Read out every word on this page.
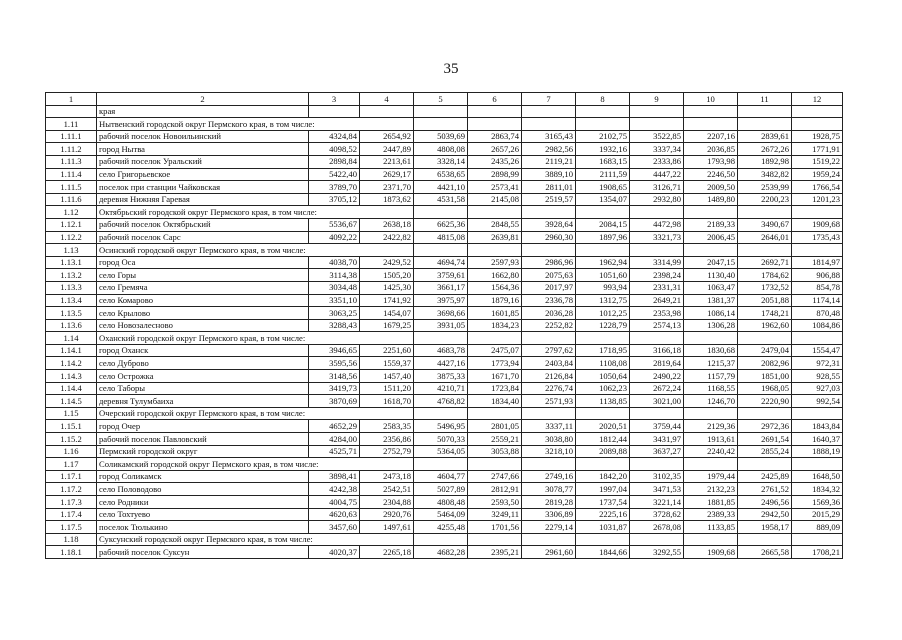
35
1	2	3	4	5	6	7	8	9	10	11	12
	края										
1.11	Нытвенский городской округ Пермского края, в том числе:										
1.11.1	рабочий поселок Новоильинский	4324,84	2654,92	5039,69	2863,74	3165,43	2102,75	3522,85	2207,16	2839,61	1928,75
1.11.2	город Нытва	4098,52	2447,89	4808,08	2657,26	2982,56	1932,16	3337,34	2036,85	2672,26	1771,91
1.11.3	рабочий поселок Уральский	2898,84	2213,61	3328,14	2435,26	2119,21	1683,15	2333,86	1793,98	1892,98	1519,22
1.11.4	село Григорьевское	5422,40	2629,17	6538,65	2898,99	3889,10	2111,59	4447,22	2246,50	3482,82	1959,24
1.11.5	поселок при станции Чайковская	3789,70	2371,70	4421,10	2573,41	2811,01	1908,65	3126,71	2009,50	2539,99	1766,54
1.11.6	деревня Нижняя Гаревая	3705,12	1873,62	4531,58	2145,08	2519,57	1354,07	2932,80	1489,80	2200,23	1201,23
1.12	Октябрьский городской округ Пермского края, в том числе:										
1.12.1	рабочий поселок Октябрьский	5536,67	2638,18	6625,36	2848,55	3928,64	2084,15	4472,98	2189,33	3490,67	1909,68
1.12.2	рабочий поселок Сарс	4092,22	2422,82	4815,08	2639,81	2960,30	1897,96	3321,73	2006,45	2646,01	1735,43
1.13	Осинский городской округ Пермского края, в том числе:										
1.13.1	город Оса	4038,70	2429,52	4694,74	2597,93	2986,96	1962,94	3314,99	2047,15	2692,71	1814,97
1.13.2	село Горы	3114,38	1505,20	3759,61	1662,80	2075,63	1051,60	2398,24	1130,40	1784,62	906,88
1.13.3	село Гремяча	3034,48	1425,30	3661,17	1564,36	2017,97	993,94	2331,31	1063,47	1732,52	854,78
1.13.4	село Комарово	3351,10	1741,92	3975,97	1879,16	2336,78	1312,75	2649,21	1381,37	2051,88	1174,14
1.13.5	село Крылово	3063,25	1454,07	3698,66	1601,85	2036,28	1012,25	2353,98	1086,14	1748,21	870,48
1.13.6	село Новозалесново	3288,43	1679,25	3931,05	1834,23	2252,82	1228,79	2574,13	1306,28	1962,60	1084,86
1.14	Оханский городской округ Пермского края, в том числе:										
1.14.1	город Оханск	3946,65	2251,60	4683,78	2475,07	2797,62	1718,95	3166,18	1830,68	2479,04	1554,47
1.14.2	село Дуброво	3595,56	1559,37	4427,16	1773,94	2403,84	1108,08	2819,64	1215,37	2082,96	972,31
1.14.3	село Острожка	3148,56	1457,40	3875,33	1671,70	2126,84	1050,64	2490,22	1157,79	1851,00	928,55
1.14.4	село Таборы	3419,73	1511,20	4210,71	1723,84	2276,74	1062,23	2672,24	1168,55	1968,05	927,03
1.14.5	деревня Тулумбаиха	3870,69	1618,70	4768,82	1834,40	2571,93	1138,85	3021,00	1246,70	2220,90	992,54
1.15	Очерский городской округ Пермского края, в том числе:										
1.15.1	город Очер	4652,29	2583,35	5496,95	2801,05	3337,11	2020,51	3759,44	2129,36	2972,36	1843,84
1.15.2	рабочий поселок Павловский	4284,00	2356,86	5070,33	2559,21	3038,80	1812,44	3431,97	1913,61	2691,54	1640,37
1.16	Пермский городской округ	4525,71	2752,79	5364,05	3053,88	3218,10	2089,88	3637,27	2240,42	2855,24	1888,19
1.17	Соликамский городской округ Пермского края, в том числе:										
1.17.1	город Соликамск	3898,41	2473,18	4604,77	2747,66	2749,16	1842,20	3102,35	1979,44	2425,89	1648,50
1.17.2	село Половодово	4242,38	2542,51	5027,89	2812,91	3078,77	1997,04	3471,53	2132,23	2761,52	1834,32
1.17.3	село Родники	4004,75	2304,88	4808,48	2593,50	2819,28	1737,54	3221,14	1881,85	2496,56	1569,36
1.17.4	село Тохтуево	4620,63	2920,76	5464,09	3249,11	3306,89	2225,16	3728,62	2389,33	2942,50	2015,29
1.17.5	поселок Тюлькино	3457,60	1497,61	4255,48	1701,56	2279,14	1031,87	2678,08	1133,85	1958,17	889,09
1.18	Суксунский городской округ Пермского края, в том числе:										
1.18.1	рабочий поселок Суксун	4020,37	2265,18	4682,28	2395,21	2961,60	1844,66	3292,55	1909,68	2665,58	1708,21
